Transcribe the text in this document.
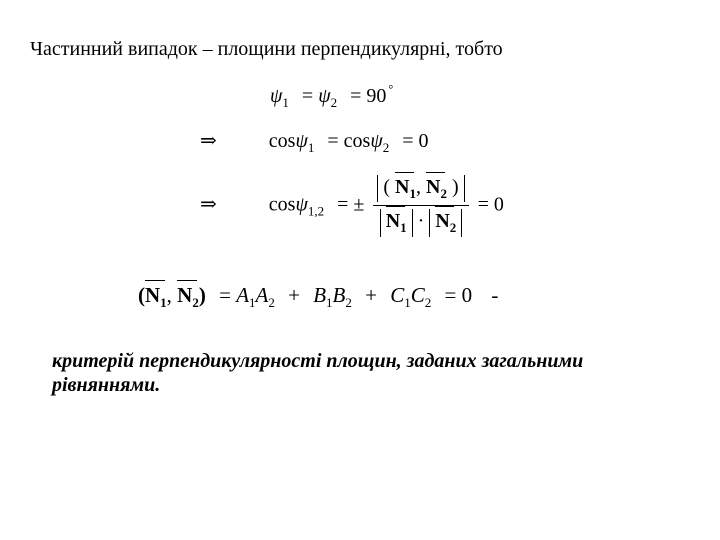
Частинний випадок – площини перпендикулярні, тобто
$\psi_1 = \psi_2 = 90$ °
⇒	cosψ$_1$ = cosψ$_2$ = 0
⇒	cosψ$_{1,2}$ = ± $\frac{( N_1, N_2 )}{N_1 \cdot N_2} = 0$
($N_1$, $N_2) = A_1A_2 + B_1B_2 + C_1C_2 = 0$ -
критерій перпендикулярності площин, заданих загальними
рівняннями.
